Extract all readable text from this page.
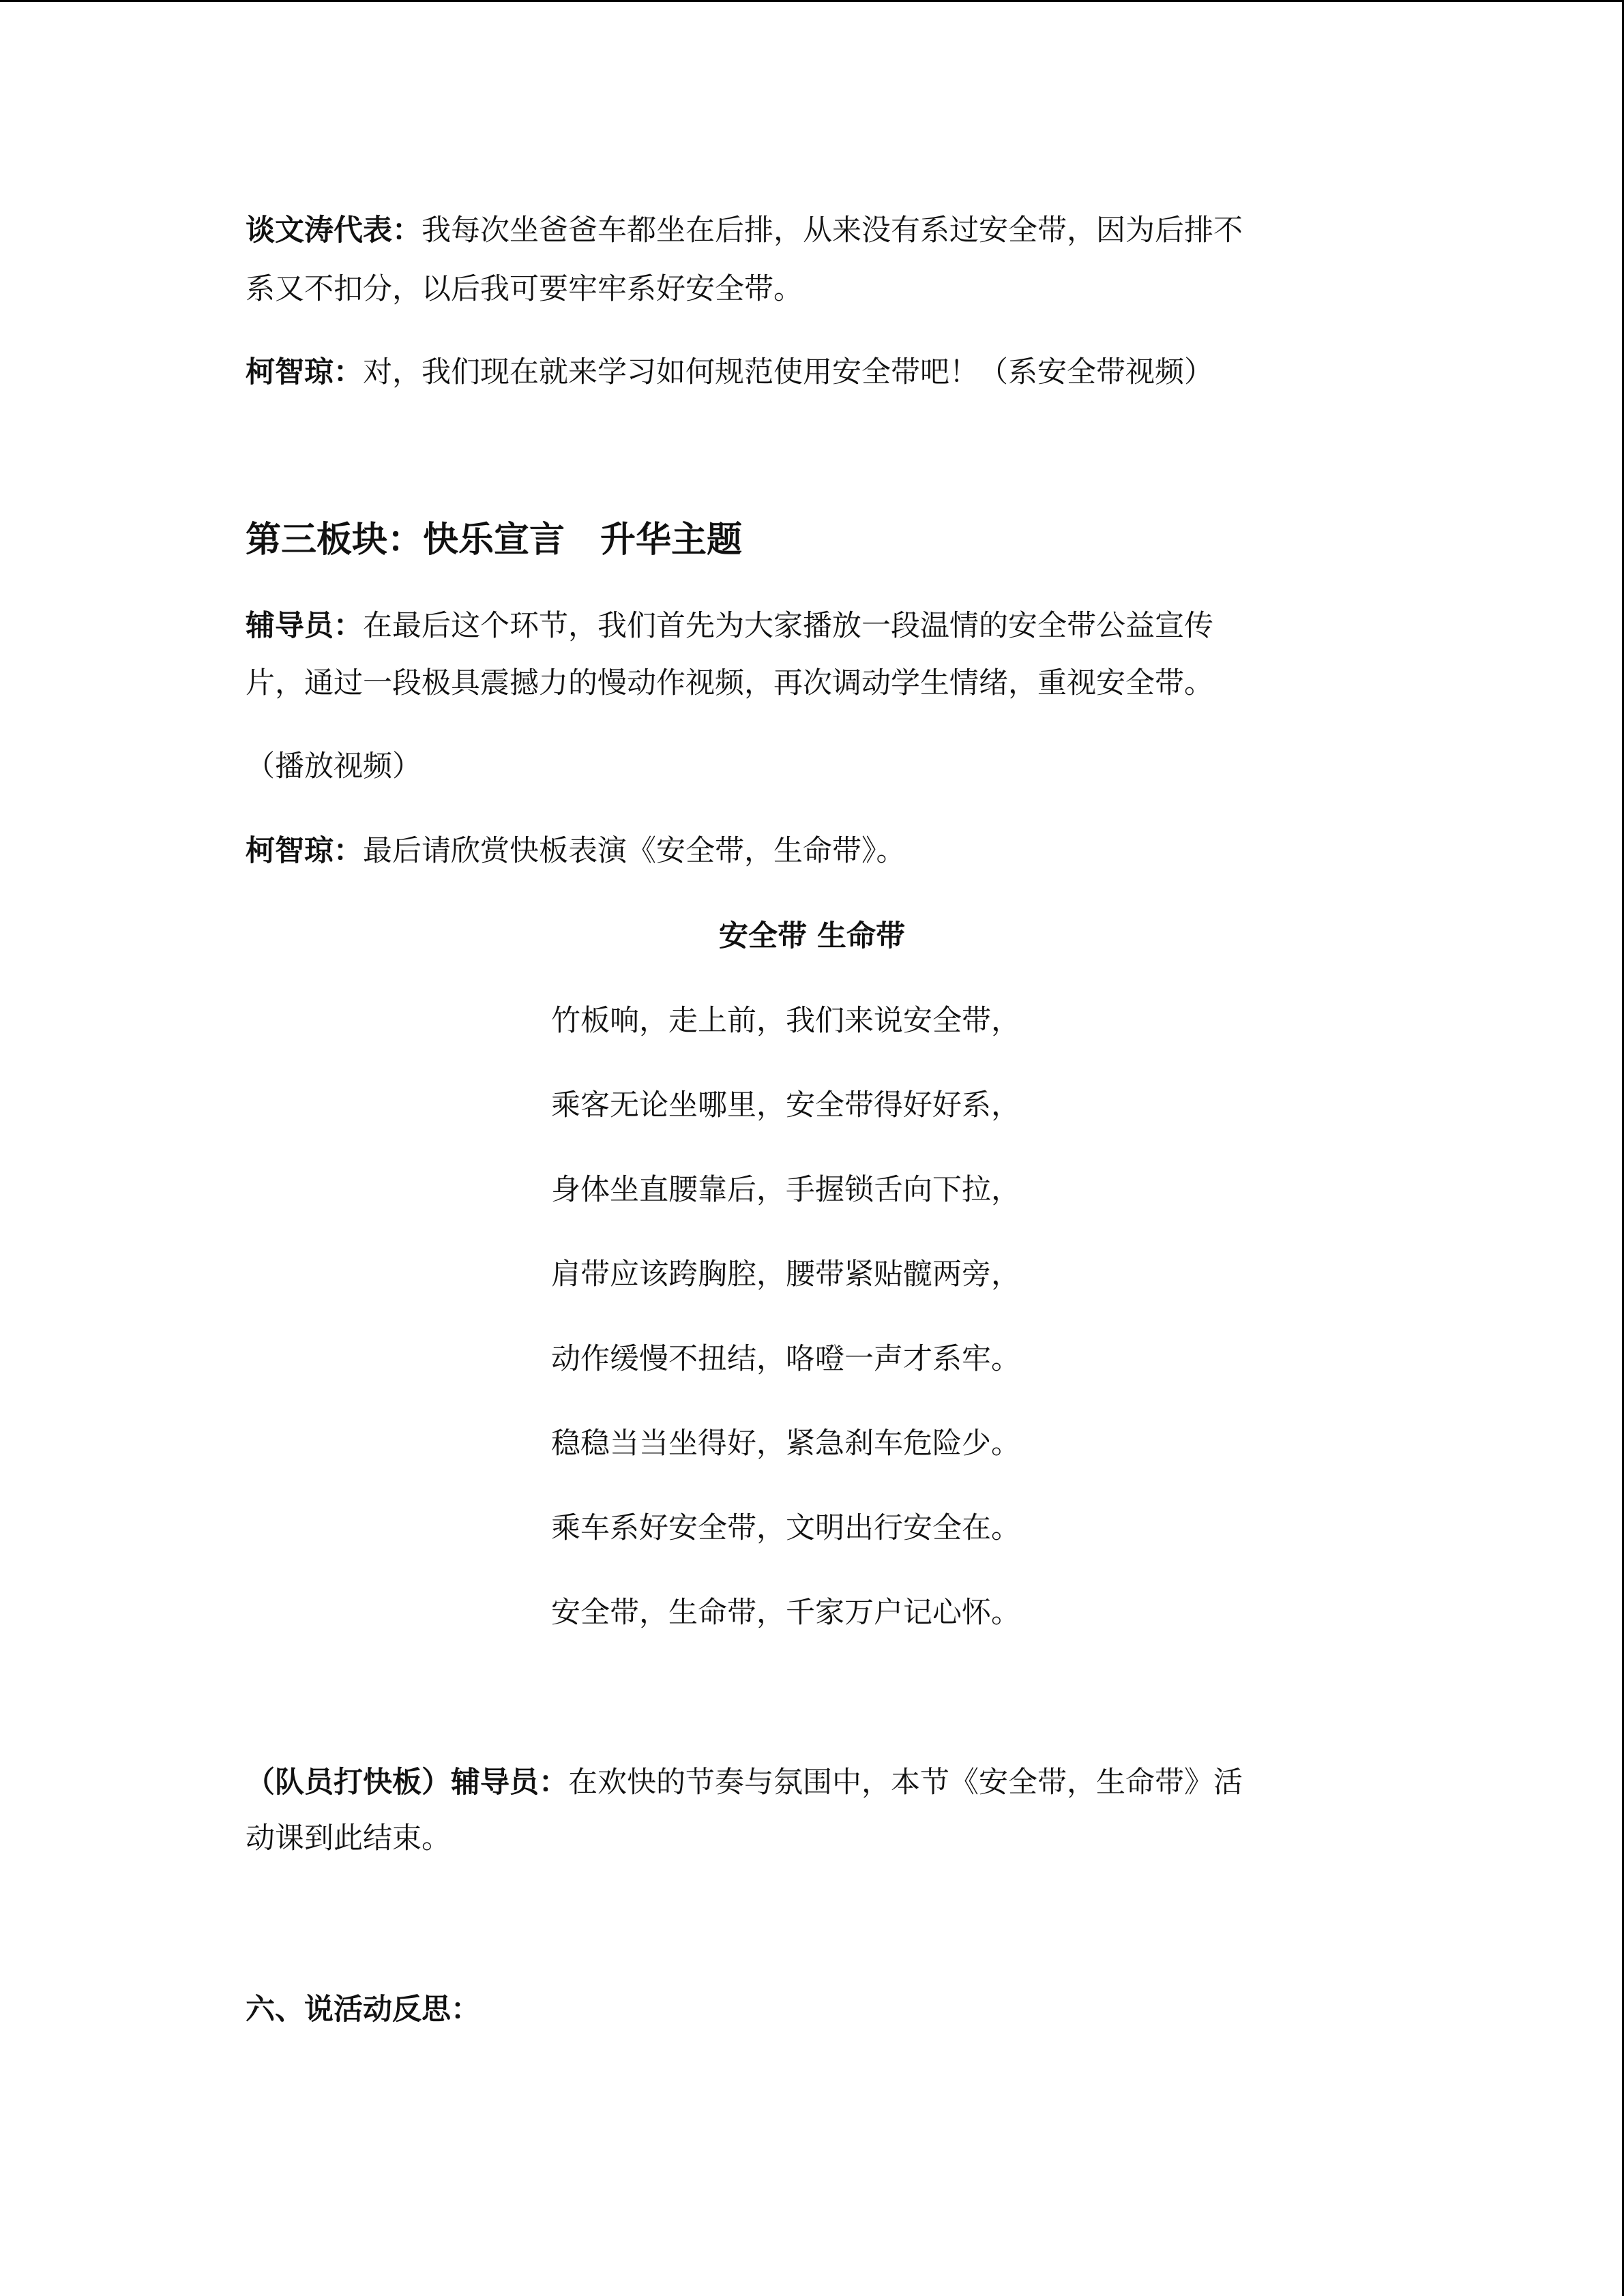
谈文涛代表：我每次坐爸爸车都坐在后排，从来没有系过安全带，因为后排不

系又不扣分，以后我可要牢牢系好安全带。

柯智琼：对，我们现在就来学习如何规范使用安全带吧！（系安全带视频）

第三板块：快乐宣言　升华主题

辅导员：在最后这个环节，我们首先为大家播放一段温情的安全带公益宣传

片，通过一段极具震撼力的慢动作视频，再次调动学生情绪，重视安全带。

（播放视频）

柯智琼：最后请欣赏快板表演《安全带，生命带》。

安全带 生命带

竹板响，走上前，我们来说安全带，

乘客无论坐哪里，安全带得好好系，

身体坐直腰靠后，手握锁舌向下拉，

肩带应该跨胸腔，腰带紧贴髋两旁，

动作缓慢不扭结，咯噔一声才系牢。

稳稳当当坐得好，紧急刹车危险少。

乘车系好安全带，文明出行安全在。

安全带，生命带，千家万户记心怀。

（队员打快板）辅导员：在欢快的节奏与氛围中，本节《安全带，生命带》活

动课到此结束。

六、说活动反思：
